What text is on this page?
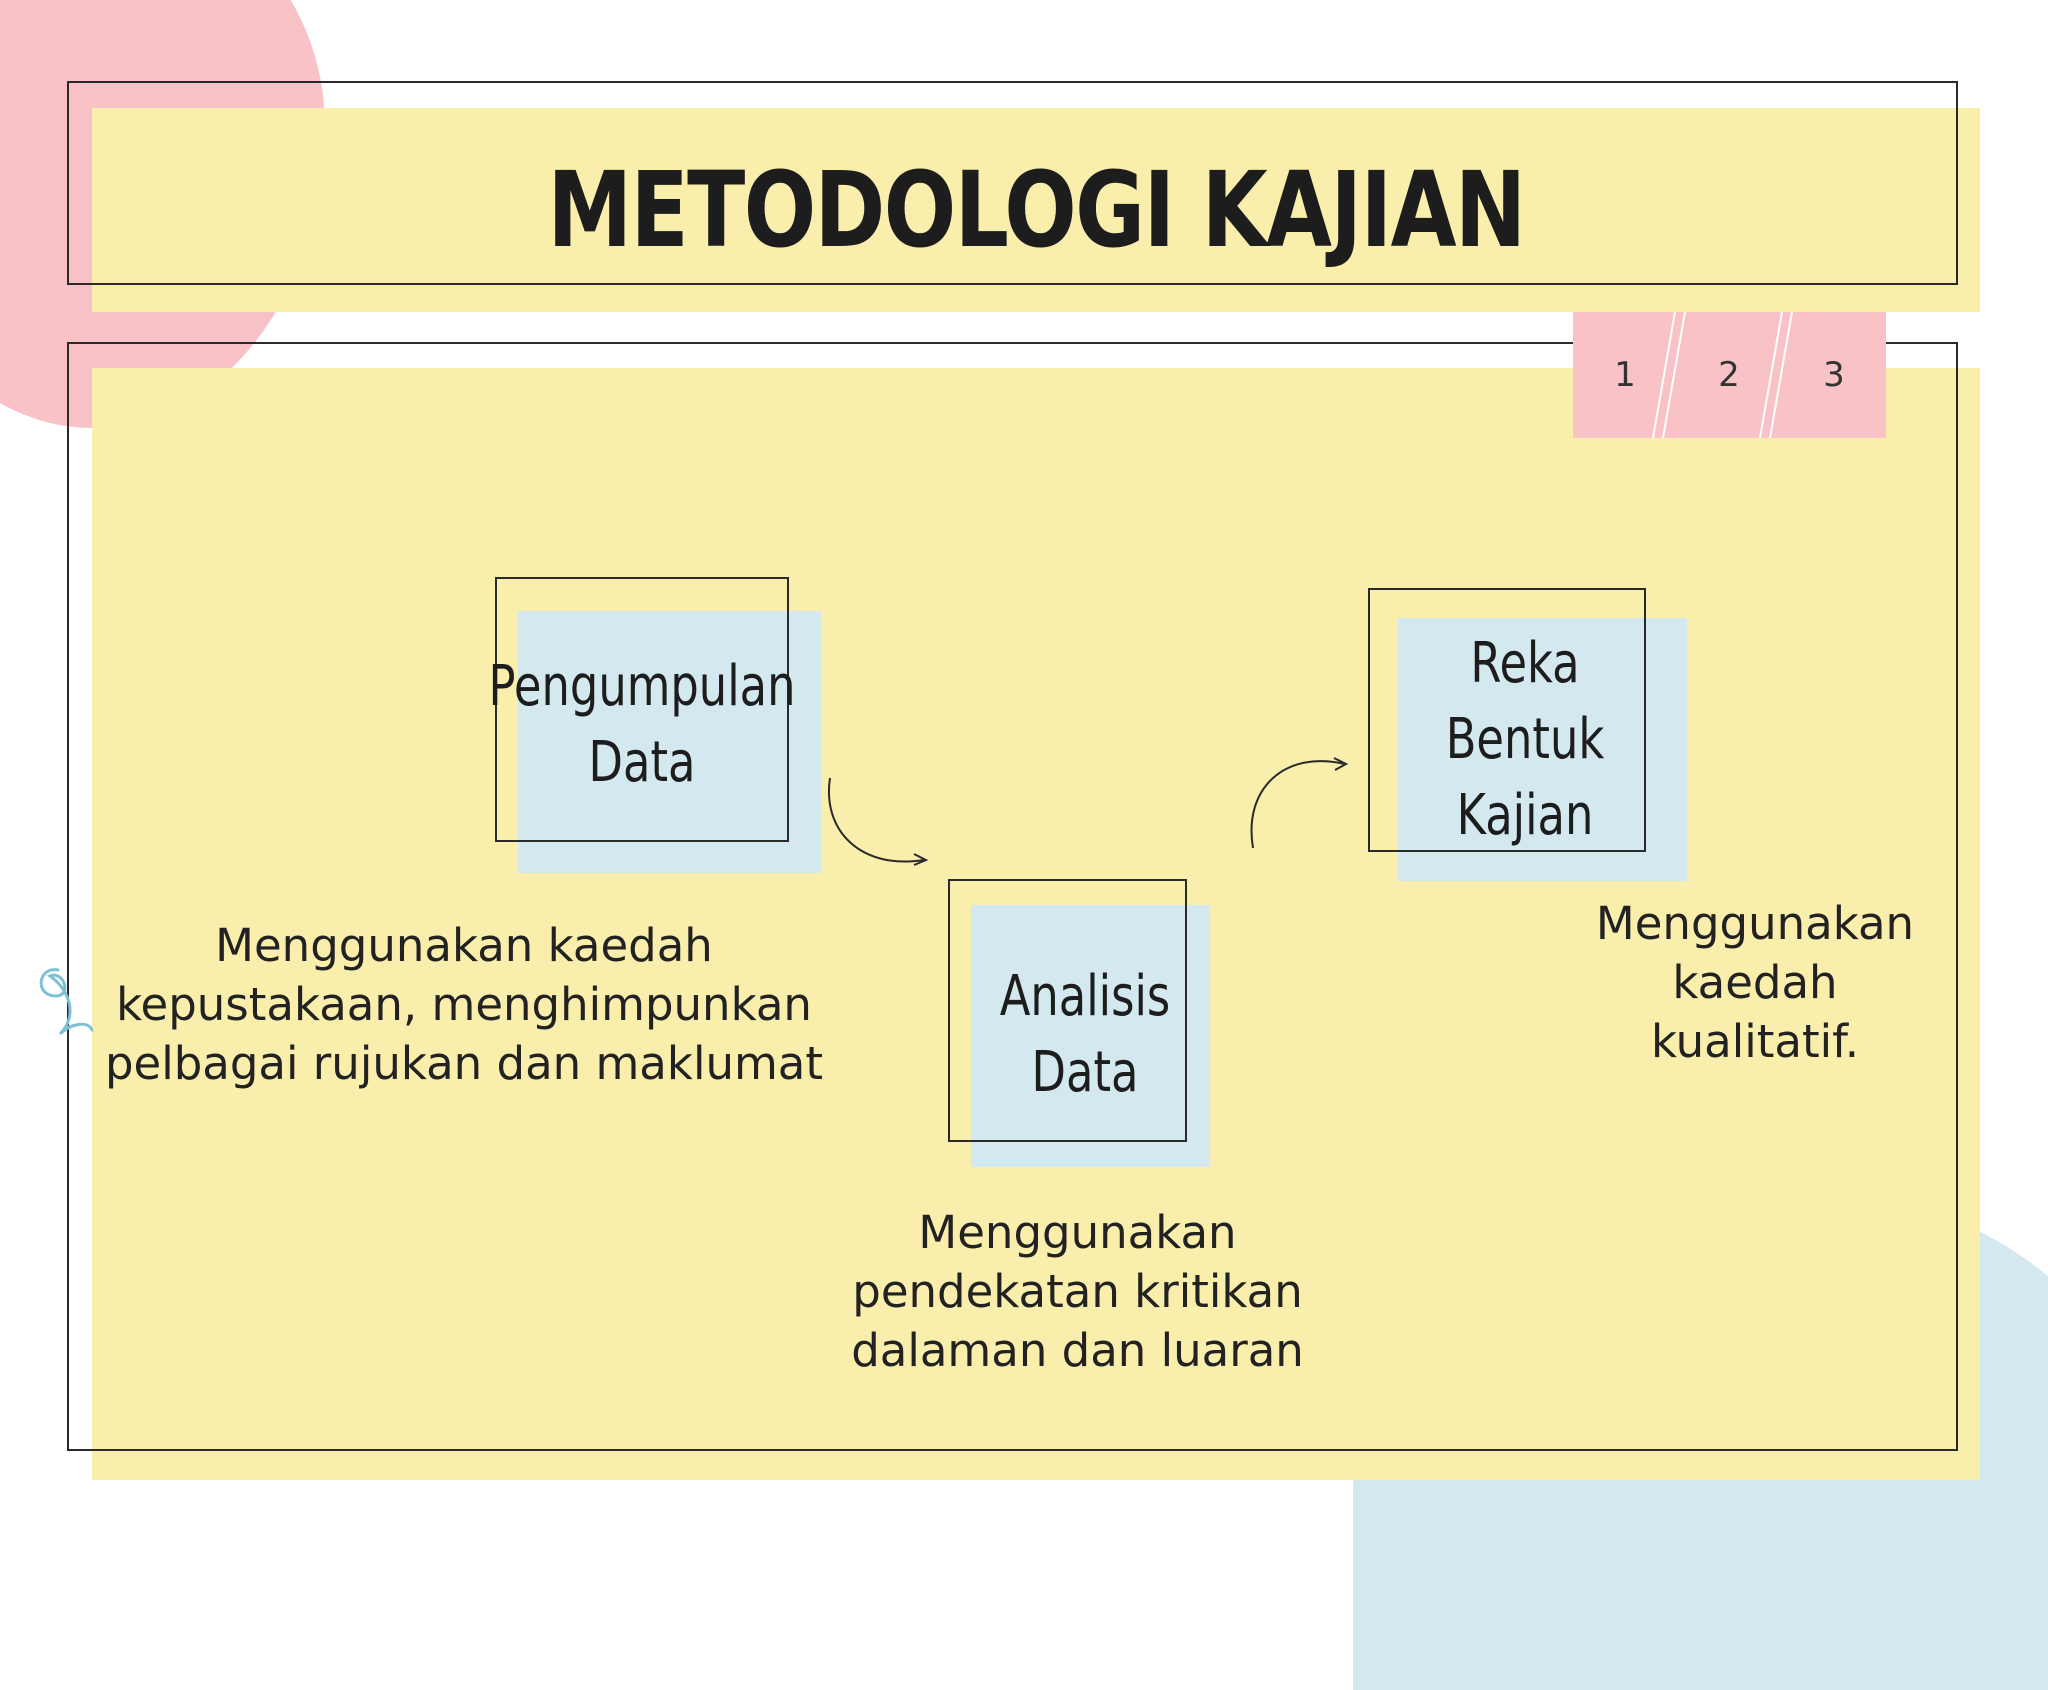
METODOLOGI KAJIAN
1	2	3
Pengumpulan
Data
Menggunakan kaedah
kepustakaan, menghimpunkan
pelbagai rujukan dan maklumat
Analisis
Data
Menggunakan
pendekatan kritikan
dalaman dan luaran
Reka Bentuk
Kajian
Menggunakan
kaedah
kualitatif.
